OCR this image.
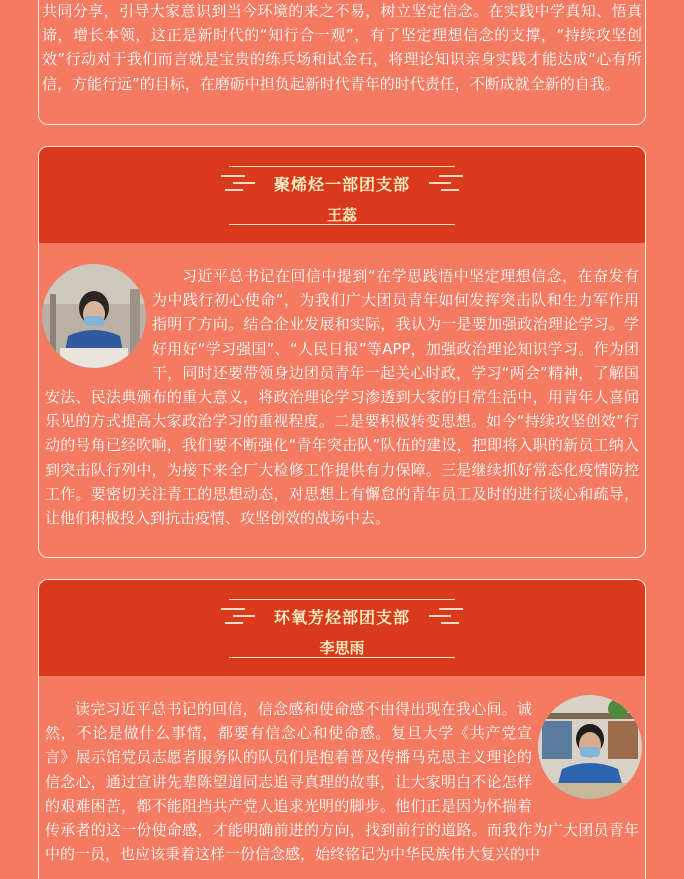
共同分享，引导大家意识到当今环境的来之不易，树立坚定信念。在实践中学真知、悟真谛，增长本领，这正是新时代的“知行合一观”，有了坚定理想信念的支撑，“持续攻坚创效”行动对于我们而言就是宝贵的练兵场和试金石，将理论知识亲身实践才能达成“心有所信，方能行远”的目标，在磨砺中担负起新时代青年的时代责任，不断成就全新的自我。

聚烯烃一部团支部
王蕊

习近平总书记在回信中提到“在学思践悟中坚定理想信念，在奋发有为中践行初心使命”，为我们广大团员青年如何发挥突击队和生力军作用指明了方向。结合企业发展和实际，我认为一是要加强政治理论学习。学好用好“学习强国”、“人民日报”等APP，加强政治理论知识学习。作为团干，同时还要带领身边团员青年一起关心时政，学习“两会”精神，了解国安法、民法典颁布的重大意义，将政治理论学习渗透到大家的日常生活中，用青年人喜闻乐见的方式提高大家政治学习的重视程度。二是要积极转变思想。如今“持续攻坚创效”行动的号角已经吹响，我们要不断强化“青年突击队”队伍的建设，把即将入职的新员工纳入到突击队行列中，为接下来全厂大检修工作提供有力保障。三是继续抓好常态化疫情防控工作。要密切关注青工的思想动态，对思想上有懈怠的青年员工及时的进行谈心和疏导，让他们积极投入到抗击疫情、攻坚创效的战场中去。

环氧芳烃部团支部
李思雨

读完习近平总书记的回信，信念感和使命感不由得出现在我心间。诚然，不论是做什么事情，都要有信念心和使命感。复旦大学《共产党宣言》展示馆党员志愿者服务队的队员们是抱着普及传播马克思主义理论的信念心，通过宣讲先辈陈望道同志追寻真理的故事，让大家明白不论怎样的艰难困苦，都不能阻挡共产党人追求光明的脚步。他们正是因为怀揣着传承者的这一份使命感，才能明确前进的方向，找到前行的道路。而我作为广大团员青年中的一员，也应该秉着这样一份信念感，始终铭记为中华民族伟大复兴的中
